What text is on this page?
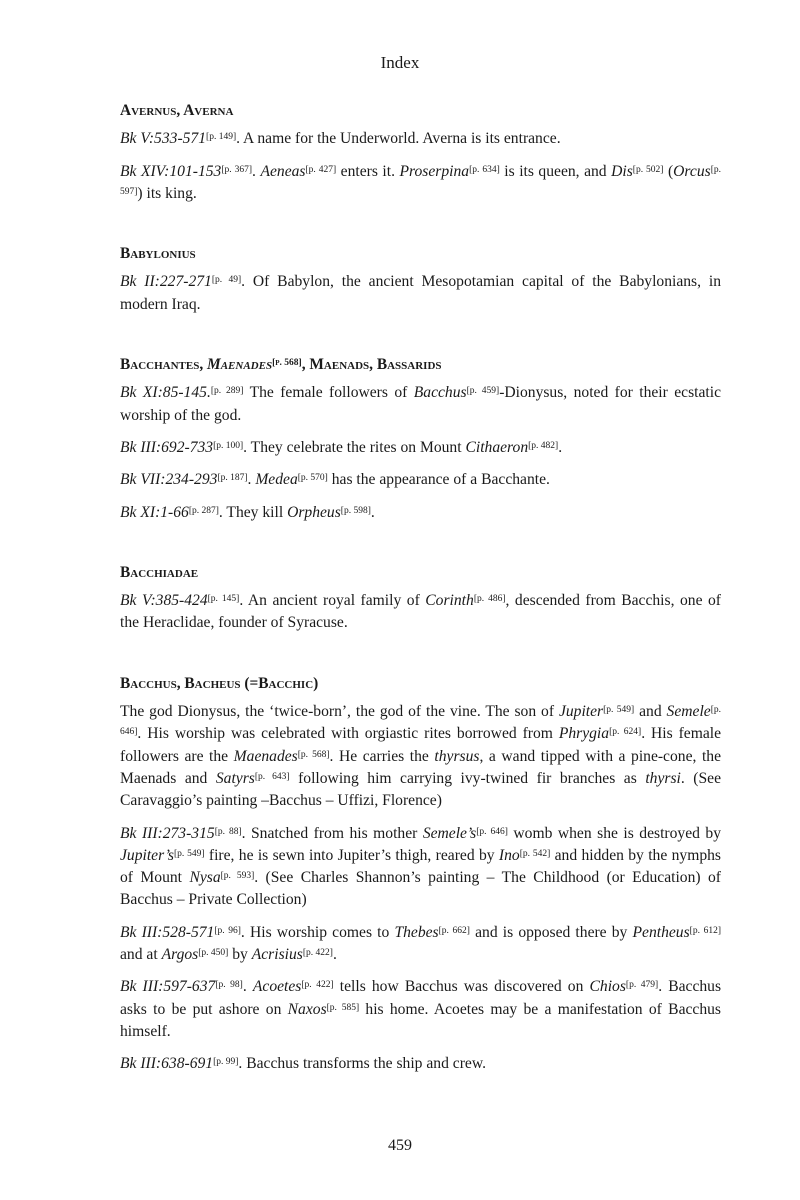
Index
Avernus, Averna
Bk V:533-571[p. 149]. A name for the Underworld. Averna is its entrance.
Bk XIV:101-153[p. 367]. Aeneas[p. 427] enters it. Proserpina[p. 634] is its queen, and Dis[p. 502] (Orcus[p. 597]) its king.
Babylonius
Bk II:227-271[p. 49]. Of Babylon, the ancient Mesopotamian capital of the Babylonians, in modern Iraq.
Bacchantes, Maenades[p. 568], Maenads, Bassarids
Bk XI:85-145.[p. 289] The female followers of Bacchus[p. 459]-Dionysus, noted for their ecstatic worship of the god.
Bk III:692-733[p. 100]. They celebrate the rites on Mount Cithaeron[p. 482].
Bk VII:234-293[p. 187]. Medea[p. 570] has the appearance of a Bacchante.
Bk XI:1-66[p. 287]. They kill Orpheus[p. 598].
Bacchiadae
Bk V:385-424[p. 145]. An ancient royal family of Corinth[p. 486], descended from Bacchis, one of the Heraclidae, founder of Syracuse.
Bacchus, Bacheus (=Bacchic)
The god Dionysus, the ‘twice-born’, the god of the vine. The son of Jupiter[p. 549] and Semele[p. 646]. His worship was celebrated with orgiastic rites borrowed from Phrygia[p. 624]. His female followers are the Maenades[p. 568]. He carries the thyrsus, a wand tipped with a pine-cone, the Maenads and Satyrs[p. 643] following him carrying ivy-twined fir branches as thyrsi. (See Caravaggio’s painting –Bacchus – Uffizi, Florence)
Bk III:273-315[p. 88]. Snatched from his mother Semele’s[p. 646] womb when she is destroyed by Jupiter’s[p. 549] fire, he is sewn into Jupiter’s thigh, reared by Ino[p. 542] and hidden by the nymphs of Mount Nysa[p. 593]. (See Charles Shannon’s painting – The Childhood (or Education) of Bacchus – Private Collection)
Bk III:528-571[p. 96]. His worship comes to Thebes[p. 662] and is opposed there by Pentheus[p. 612] and at Argos[p. 450] by Acrisius[p. 422].
Bk III:597-637[p. 98]. Acoetes[p. 422] tells how Bacchus was discovered on Chios[p. 479]. Bacchus asks to be put ashore on Naxos[p. 585] his home. Acoetes may be a manifestation of Bacchus himself.
Bk III:638-691[p. 99]. Bacchus transforms the ship and crew.
459
